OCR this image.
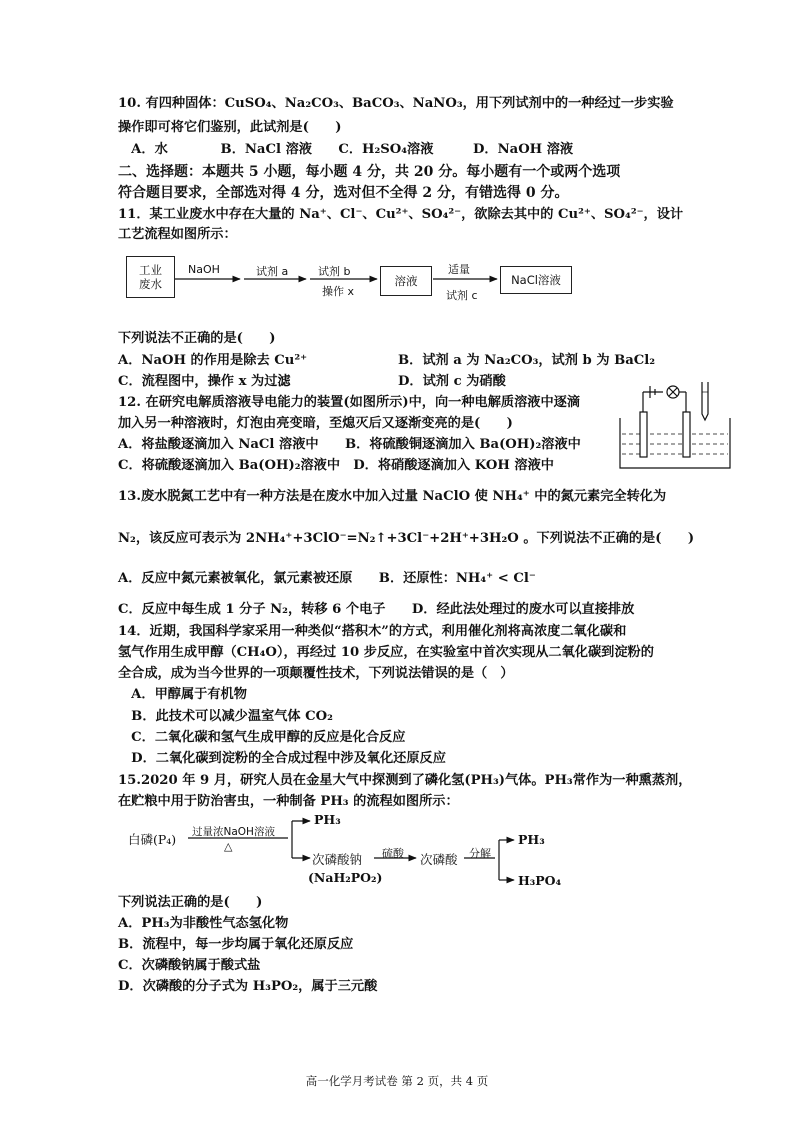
10. 有四种固体：CuSO₄、Na₂CO₃、BaCO₃、NaNO₃，用下列试剂中的一种经过一步实验
操作即可将它们鉴别，此试剂是(　　)
　A．水　　　　B．NaCl 溶液　　C．H₂SO₄溶液　　　D．NaOH 溶液
二、选择题：本题共 5 小题，每小题 4 分，共 20 分。每小题有一个或两个选项
符合题目要求，全部选对得 4 分，选对但不全得 2 分，有错选得 0 分。
11．某工业废水中存在大量的 Na⁺、Cl⁻、Cu²⁺、SO₄²⁻，欲除去其中的 Cu²⁺、SO₄²⁻，设计
工艺流程如图所示：
工业
废水
NaOH	试剂 a	试剂 b
操作 x
溶液
适量
试剂 c
NaCl溶液
下列说法不正确的是(　　)
A．NaOH 的作用是除去 Cu²⁺	B．试剂 a 为 Na₂CO₃，试剂 b 为 BaCl₂
C．流程图中，操作 x 为过滤	D．试剂 c 为硝酸
12. 在研究电解质溶液导电能力的装置(如图所示)中，向一种电解质溶液中逐滴
加入另一种溶液时，灯泡由亮变暗，至熄灭后又逐渐变亮的是(　　)
A．将盐酸逐滴加入 NaCl 溶液中　　B．将硫酸铜逐滴加入 Ba(OH)₂溶液中
C．将硫酸逐滴加入 Ba(OH)₂溶液中　D．将硝酸逐滴加入 KOH 溶液中
13.废水脱氮工艺中有一种方法是在废水中加入过量 NaClO 使 NH₄⁺ 中的氮元素完全转化为
N₂，该反应可表示为 2NH₄⁺+3ClO⁻=N₂↑+3Cl⁻+2H⁺+3H₂O 。下列说法不正确的是(　　)
A．反应中氮元素被氧化，氯元素被还原　　B．还原性：NH₄⁺ < Cl⁻
C．反应中每生成 1 分子 N₂，转移 6 个电子　　D．经此法处理过的废水可以直接排放
14．近期，我国科学家采用一种类似“搭积木”的方式，利用催化剂将高浓度二氧化碳和
氢气作用生成甲醇（CH₄O），再经过 10 步反应，在实验室中首次实现从二氧化碳到淀粉的
全合成，成为当今世界的一项颠覆性技术，下列说法错误的是（　）
　A．甲醇属于有机物
　B．此技术可以减少温室气体 CO₂
　C．二氧化碳和氢气生成甲醇的反应是化合反应
　D．二氧化碳到淀粉的全合成过程中涉及氧化还原反应
15.2020 年 9 月，研究人员在金星大气中探测到了磷化氢(PH₃)气体。PH₃常作为一种熏蒸剂，
在贮粮中用于防治害虫，一种制备 PH₃ 的流程如图所示：
白磷(P₄) 过量浓NaOH溶液
△
PH₃
次磷酸钠
(NaH₂PO₂)
硫酸 次磷酸 分解
PH₃
H₃PO₄
下列说法正确的是(　　)
A．PH₃为非酸性气态氢化物
B．流程中，每一步均属于氧化还原反应
C．次磷酸钠属于酸式盐
D．次磷酸的分子式为 H₃PO₂，属于三元酸
高一化学月考试卷 第 2 页，共 4 页
